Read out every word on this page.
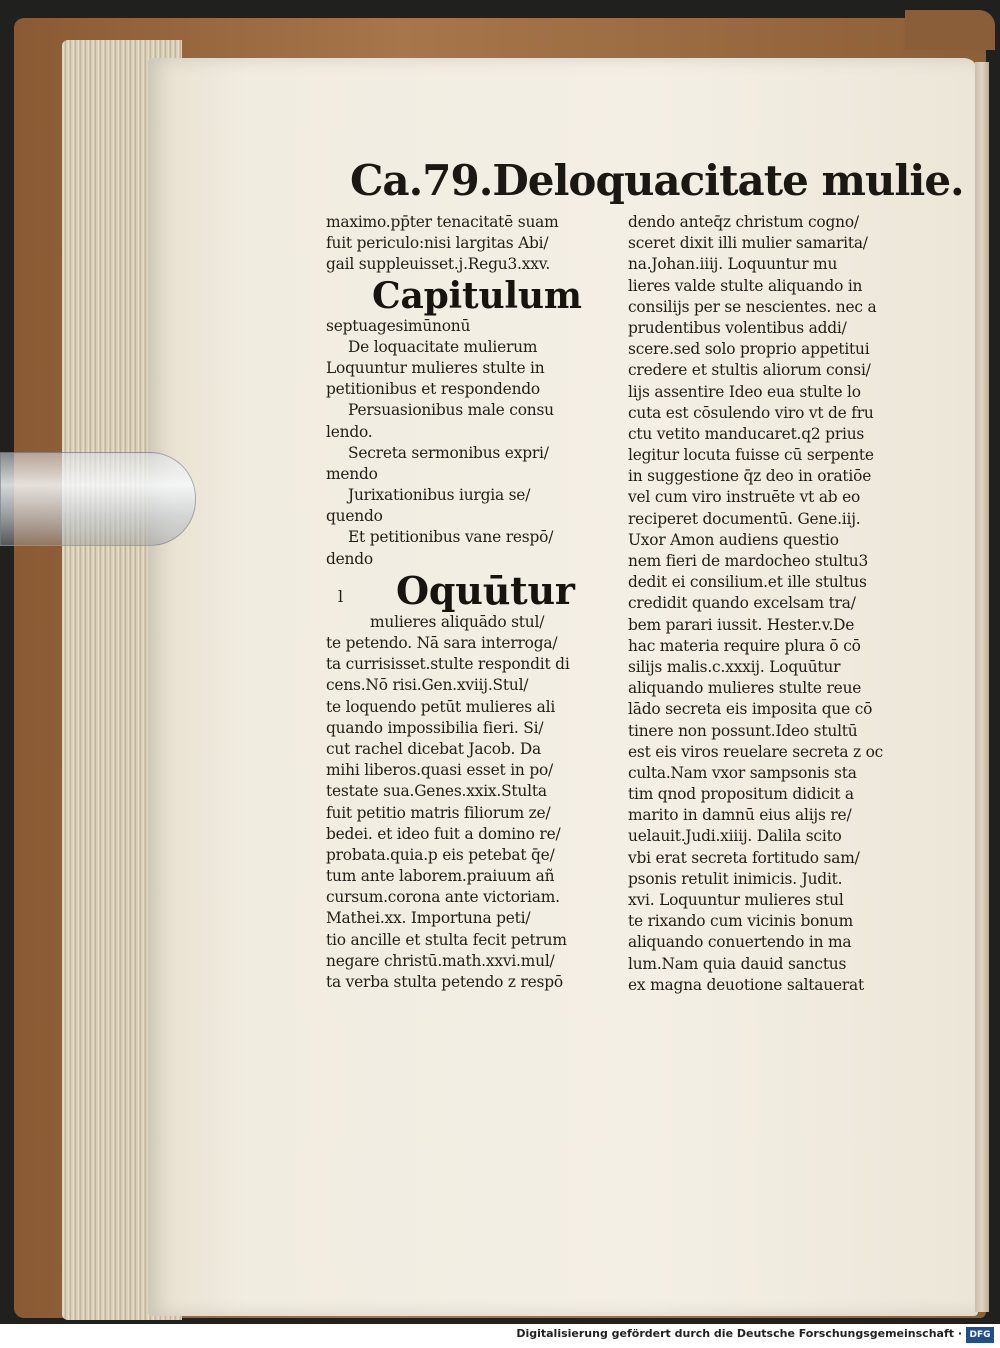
Ca.79.Deloquacitate mulie.
maximo.pp̄ter tenacitatē suam
fuit periculo:nisi largitas Abi/
gail suppleuisset.j.Regu3.xxv.
Capitulum
septuagesimūnonū
De loquacitate mulierum
Loquuntur mulieres stulte in
petitionibus et respondendo
Persuasionibus male consu
lendo.
Secreta sermonibus expri/
mendo
Jurixationibus iurgia se/
quendo
Et petitionibus vane respō/
dendo
l Oquūtur
mulieres aliquādo stul/
te petendo. Nā sara interroga/
ta currisisset.stulte respondit di
cens.Nō risi.Gen.xviij.Stul/
te loquendo petūt mulieres ali
quando impossibilia fieri. Si/
cut rachel dicebat Jacob. Da
mihi liberos.quasi esset in po/
testate sua.Genes.xxix.Stulta
fuit petitio matris filiorum ze/
bedei. et ideo fuit a domino re/
probata.quia.p eis petebat q̄e/
tum ante laborem.praiuum añ
cursum.corona ante victoriam.
Mathei.xx. Importuna peti/
tio ancille et stulta fecit petrum
negare christū.math.xxvi.mul/
ta verba stulta petendo z respō
dendo anteq̄z christum cogno/
sceret dixit illi mulier samarita/
na.Johan.iiij. Loquuntur mu
lieres valde stulte aliquando in
consilijs per se nescientes. nec a
prudentibus volentibus addi/
scere.sed solo proprio appetitui
credere et stultis aliorum consi/
lijs assentire Ideo eua stulte lo
cuta est cōsulendo viro vt de fru
ctu vetito manducaret.q2 prius
legitur locuta fuisse cū serpente
in suggestione q̄z deo in oratiōe
vel cum viro instruēte vt ab eo
reciperet documentū. Gene.iij.
Uxor Amon audiens questio
nem fieri de mardocheo stultu3
dedit ei consilium.et ille stultus
credidit quando excelsam tra/
bem parari iussit. Hester.v.De
hac materia require plura ō cō
silijs malis.c.xxxij. Loquūtur
aliquando mulieres stulte reue
lādo secreta eis imposita que cō
tinere non possunt.Ideo stultū
est eis viros reuelare secreta z oc
culta.Nam vxor sampsonis sta
tim qnod propositum didicit a
marito in damnū eius alijs re/
uelauit.Judi.xiiij. Dalila scito
vbi erat secreta fortitudo sam/
psonis retulit inimicis. Judit.
xvi. Loquuntur mulieres stul
te rixando cum vicinis bonum
aliquando conuertendo in ma
lum.Nam quia dauid sanctus
ex magna deuotione saltauerat
Digitalisierung gefördert durch die Deutsche Forschungsgemeinschaft · DFG
